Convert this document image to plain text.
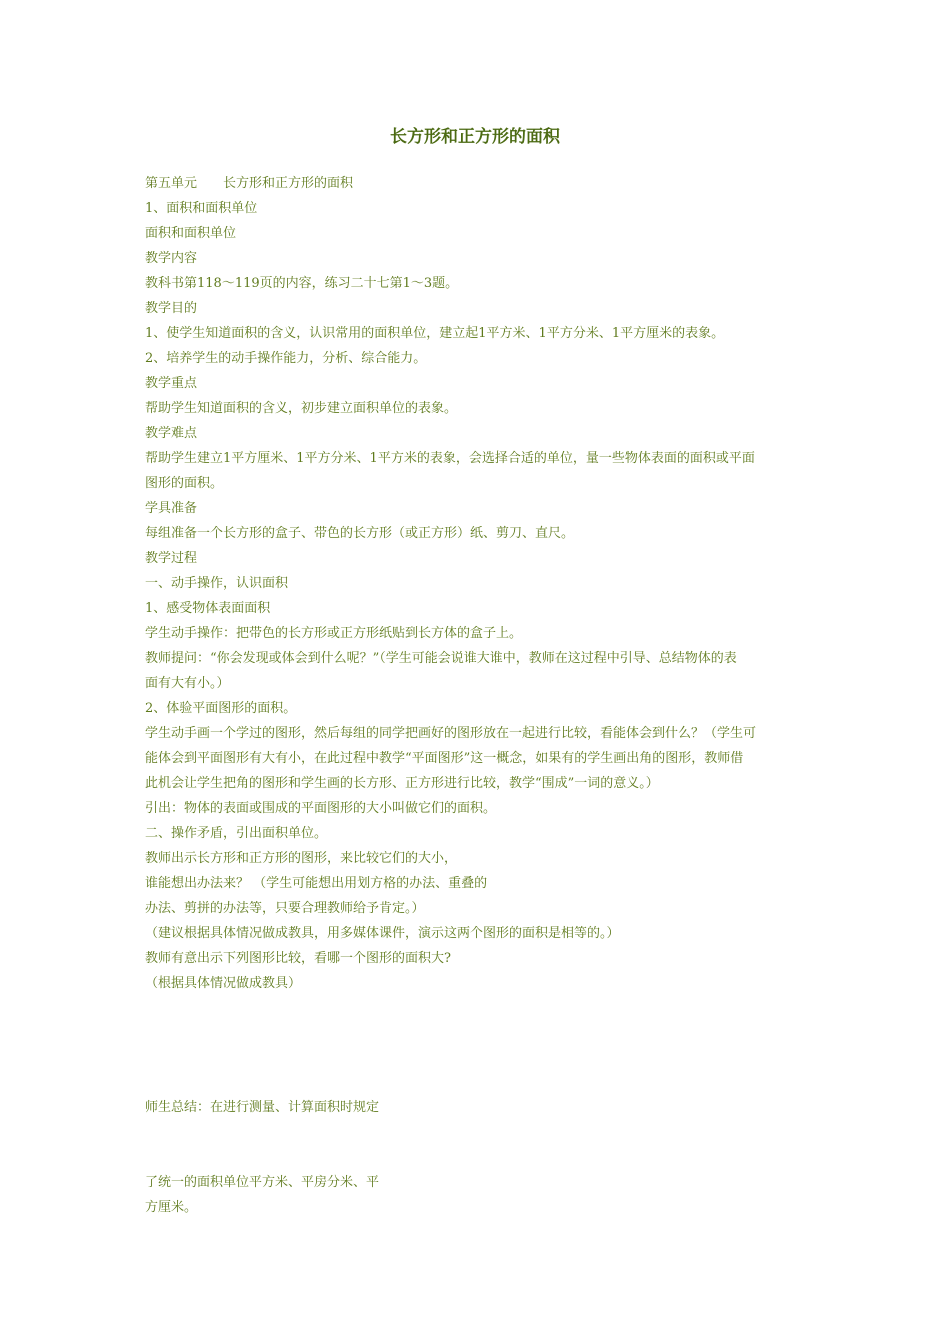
长方形和正方形的面积

第五单元　　长方形和正方形的面积

1、面积和面积单位

面积和面积单位

教学内容

教科书第118～119页的内容，练习二十七第1～3题。

教学目的

1、使学生知道面积的含义，认识常用的面积单位，建立起1平方米、1平方分米、1平方厘米的表象。

2、培养学生的动手操作能力，分析、综合能力。

教学重点

帮助学生知道面积的含义，初步建立面积单位的表象。

教学难点

帮助学生建立1平方厘米、1平方分米、1平方米的表象，会选择合适的单位，量一些物体表面的面积或平面

图形的面积。

学具准备

每组准备一个长方形的盒子、带色的长方形（或正方形）纸、剪刀、直尺。

教学过程

一、动手操作，认识面积

1、感受物体表面面积

学生动手操作：把带色的长方形或正方形纸贴到长方体的盒子上。

教师提问：“你会发现或体会到什么呢？”（学生可能会说谁大谁中，教师在这过程中引导、总结物体的表

面有大有小。）

2、体验平面图形的面积。

学生动手画一个学过的图形，然后每组的同学把画好的图形放在一起进行比较，看能体会到什么？（学生可

能体会到平面图形有大有小，在此过程中教学“平面图形”这一概念，如果有的学生画出角的图形，教师借

此机会让学生把角的图形和学生画的长方形、正方形进行比较，教学“围成”一词的意义。）

引出：物体的表面或围成的平面图形的大小叫做它们的面积。

二、操作矛盾，引出面积单位。

教师出示长方形和正方形的图形，来比较它们的大小，

谁能想出办法来？ （学生可能想出用划方格的办法、重叠的

办法、剪拼的办法等，只要合理教师给予肯定。）

（建议根据具体情况做成教具，用多媒体课件，演示这两个图形的面积是相等的。）

教师有意出示下列图形比较，看哪一个图形的面积大?

（根据具体情况做成教具）

师生总结：在进行测量、计算面积时规定

了统一的面积单位平方米、平房分米、平

方厘米。
